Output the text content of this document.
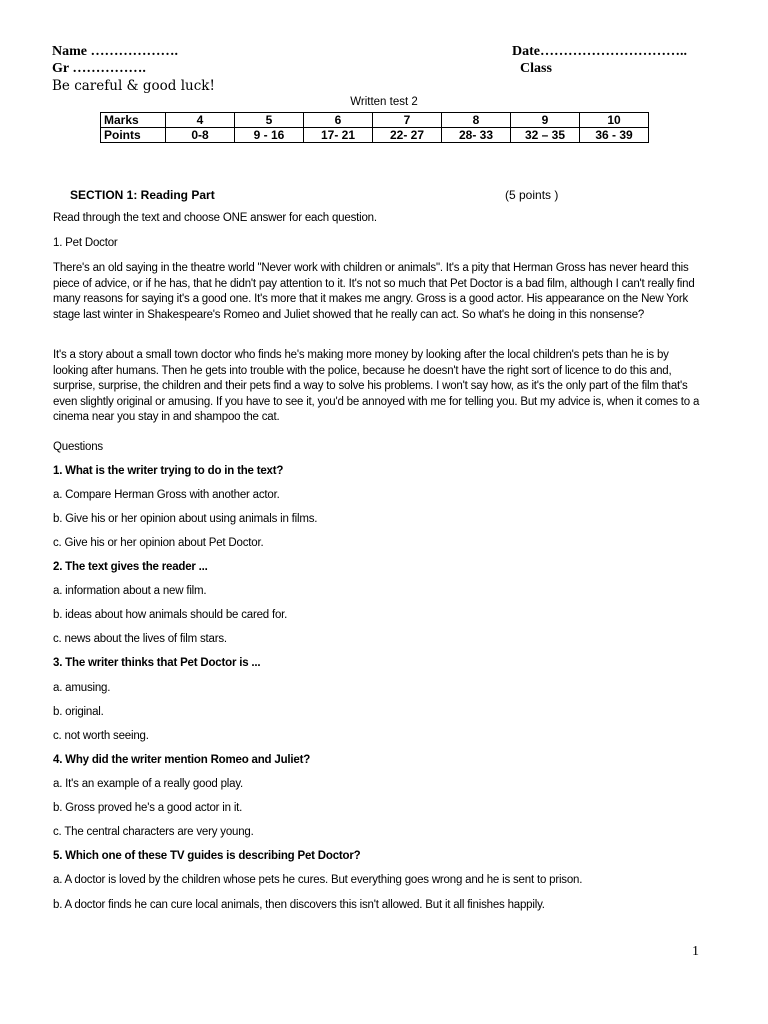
Name ……………….
Gr …………….
Be careful & good luck!
Date…………………………..
Class
Written test 2
Marks	4	5	6	7	8	9	10
Points	0-8	9 - 16	17- 21	22- 27	28- 33	32 – 35	36 - 39
SECTION 1: Reading Part	(5 points )
Read through the text and choose ONE answer for each question.
1. Pet Doctor
There's an old saying in the theatre world "Never work with children or animals". It's a pity that Herman Gross has never heard this piece of advice, or if he has, that he didn't pay attention to it. It's not so much that Pet Doctor is a bad film, although I can't really find many reasons for saying it's a good one. It's more that it makes me angry. Gross is a good actor. His appearance on the New York stage last winter in Shakespeare's Romeo and Juliet showed that he really can act. So what's he doing in this nonsense?
It's a story about a small town doctor who finds he's making more money by looking after the local children's pets than he is by looking after humans. Then he gets into trouble with the police, because he doesn't have the right sort of licence to do this and, surprise, surprise, the children and their pets find a way to solve his problems. I won't say how, as it's the only part of the film that's even slightly original or amusing. If you have to see it, you'd be annoyed with me for telling you. But my advice is, when it comes to a cinema near you stay in and shampoo the cat.
Questions
1. What is the writer trying to do in the text?
a. Compare Herman Gross with another actor.
b. Give his or her opinion about using animals in films.
c. Give his or her opinion about Pet Doctor.
2. The text gives the reader ...
a. information about a new film.
b. ideas about how animals should be cared for.
c. news about the lives of film stars.
3. The writer thinks that Pet Doctor is ...
a. amusing.
b. original.
c. not worth seeing.
4. Why did the writer mention Romeo and Juliet?
a. It's an example of a really good play.
b. Gross proved he's a good actor in it.
c. The central characters are very young.
5. Which one of these TV guides is describing Pet Doctor?
a. A doctor is loved by the children whose pets he cures. But everything goes wrong and he is sent to prison.
b. A doctor finds he can cure local animals, then discovers this isn't allowed. But it all finishes happily.
1
